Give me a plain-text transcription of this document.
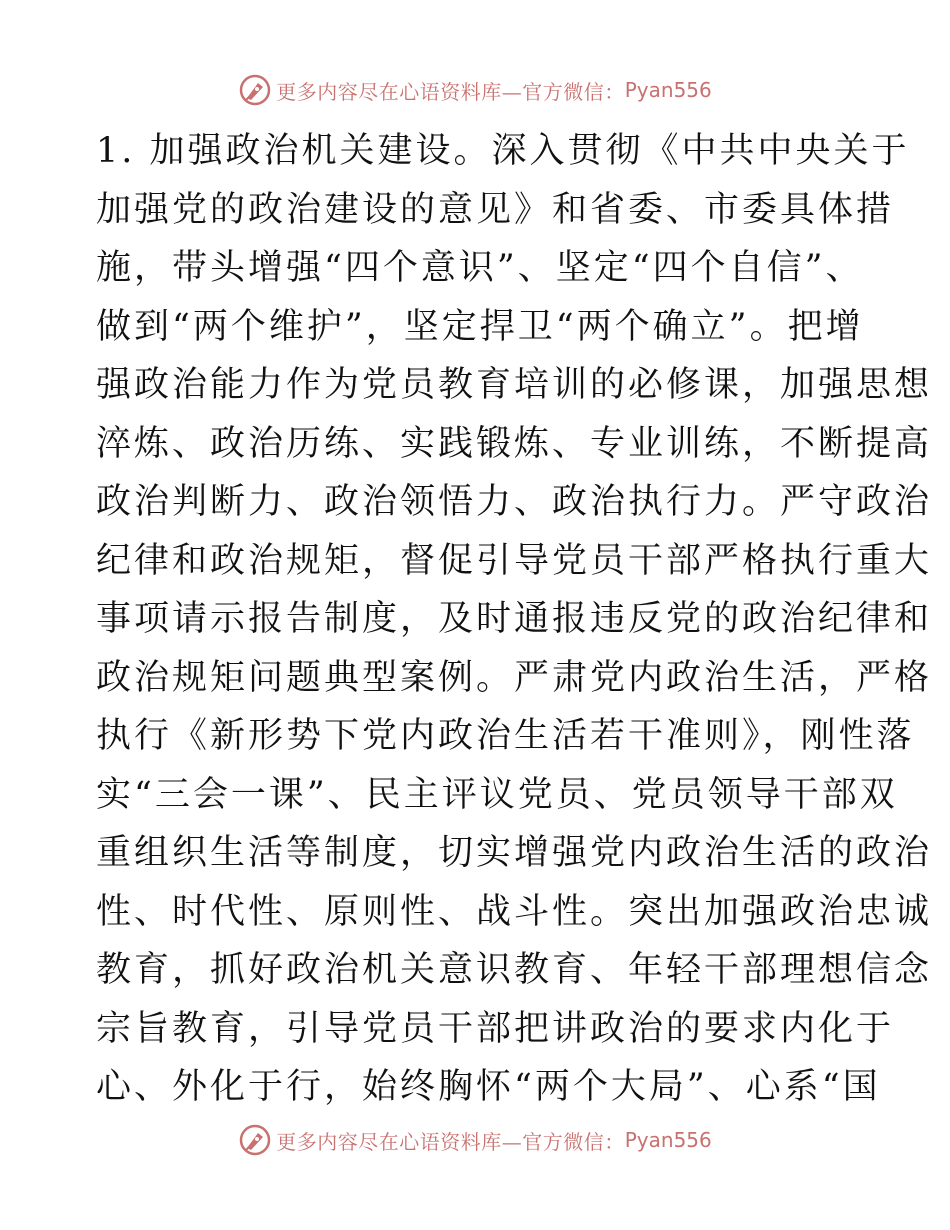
更多内容尽在心语资料库—官方微信： Pyan556
1. 加强政治机关建设。深入贯彻《中共中央关于
加强党的政治建设的意见》和省委、市委具体措
施，带头增强“四个意识”、坚定“四个自信”、
做到“两个维护”，坚定捍卫“两个确立”。把增
强政治能力作为党员教育培训的必修课，加强思想
淬炼、政治历练、实践锻炼、专业训练，不断提高
政治判断力、政治领悟力、政治执行力。严守政治
纪律和政治规矩，督促引导党员干部严格执行重大
事项请示报告制度，及时通报违反党的政治纪律和
政治规矩问题典型案例。严肃党内政治生活，严格
执行《新形势下党内政治生活若干准则》，刚性落
实“三会一课”、民主评议党员、党员领导干部双
重组织生活等制度，切实增强党内政治生活的政治
性、时代性、原则性、战斗性。突出加强政治忠诚
教育，抓好政治机关意识教育、年轻干部理想信念
宗旨教育，引导党员干部把讲政治的要求内化于
心、外化于行，始终胸怀“两个大局”、心系“国
更多内容尽在心语资料库—官方微信： Pyan556
